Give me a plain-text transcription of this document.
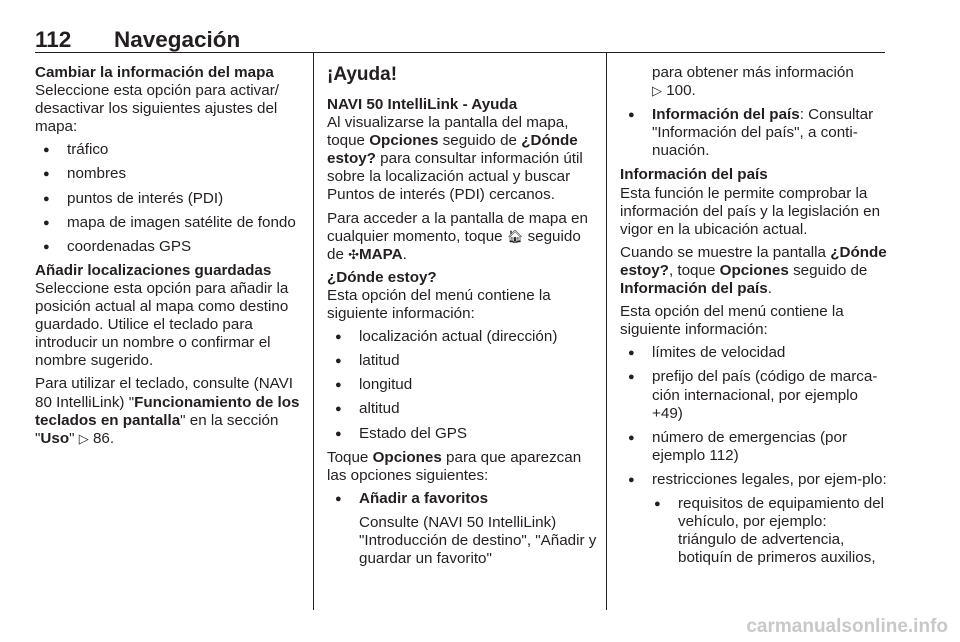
112 Navegación

Cambiar la información del mapa

Seleccione esta opción para activar/ desactivar los siguientes ajustes del mapa:

● tráfico
● nombres
● puntos de interés (PDI)
● mapa de imagen satélite de fondo
● coordenadas GPS

Añadir localizaciones guardadas

Seleccione esta opción para añadir la posición actual al mapa como destino guardado. Utilice el teclado para introducir un nombre o confirmar el nombre sugerido.

Para utilizar el teclado, consulte (NAVI 80 IntelliLink) "Funcionamiento de los teclados en pantalla" en la sección "Uso" ▷ 86.

¡Ayuda!

NAVI 50 IntelliLink - Ayuda

Al visualizarse la pantalla del mapa, toque Opciones seguido de ¿Dónde estoy? para consultar información útil sobre la localización actual y buscar Puntos de interés (PDI) cercanos.

Para acceder a la pantalla de mapa en cualquier momento, toque 🏠︎ seguido de ✣MAPA.

¿Dónde estoy?

Esta opción del menú contiene la siguiente información:

● localización actual (dirección)
● latitud
● longitud
● altitud
● Estado del GPS

Toque Opciones para que aparezcan las opciones siguientes:

● Añadir a favoritos

Consulte (NAVI 50 IntelliLink) "Introducción de destino", "Añadir y guardar un favorito"

para obtener más información
▷ 100.

● Información del país: Consultar "Información del país", a conti-nuación.

Información del país

Esta función le permite comprobar la información del país y la legislación en vigor en la ubicación actual.

Cuando se muestre la pantalla ¿Dónde estoy?, toque Opciones seguido de Información del país.

Esta opción del menú contiene la siguiente información:

● límites de velocidad
● prefijo del país (código de marca-ción internacional, por ejemplo +49)
● número de emergencias (por ejemplo 112)
● restricciones legales, por ejem-plo:
● requisitos de equipamiento del vehículo, por ejemplo: triángulo de advertencia, botiquín de primeros auxilios,
carmanualsonline.info
